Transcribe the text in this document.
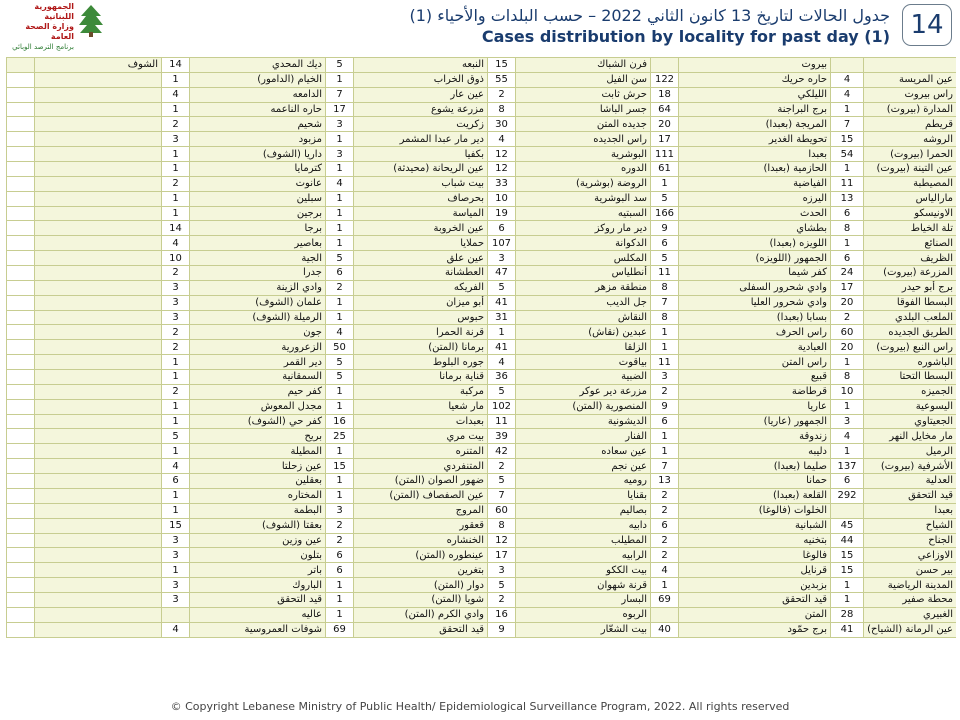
الجمهورية اللبنانية
وزارة الصحة العامة
برنامج الترصد الوبائي
جدول الحالات لتاريخ 13 كانون الثاني 2022 – حسب البلدات والأحياء (1)
Cases distribution by locality for past day (1) 14
	الشوف	14	ديك المحدي	5	النبعه	15	فرن الشباك		بيروت		
		1	الخيام (الدامور)	1	ذوق الخراب	55	سن الفيل	122	حاره حريك	4	عين المريسة
		4	الدامعه	7	عين عار	2	حرش ثابت	18	الليلكي	4	راس بيروت
		1	حاره الناعمه	17	مزرعة يشوع	8	جسر الباشا	64	برج البراجنة	1	المدارة (بيروت)
		2	شحيم	3	زكريت	30	جديده المتن	20	المريجة (بعبدا)	7	قريطم
		3	مزبود	1	دير مار عبدا المشمر	4	راس الجديده	17	تحويطة الغدير	15	الروشه
		1	داريا (الشوف)	3	بكفيا	12	البوشرية	111	بعبدا	54	الحمرا (بيروت)
		1	كترمايا	1	عين الريحانة (محيدثة)	12	الدوره	61	الحازمية (بعبدا)	1	عين التينة (بيروت)
		2	عانوت	4	بيت شباب	33	الروضة (بوشرية)	1	الفياضية	11	المصيطبة
		1	سبلين	1	بحرصاف	10	سد البوشرية	5	اليرزه	13	مارالياس
		1	برجين	1	المياسة	19	السبتيه	166	الحدث	6	الاونيسكو
		14	برجا	1	عين الخروبة	6	دير مار روكز	9	بطشاي	8	تلة الخياط
		4	بعاصير	1	حملايا	107	الدكوانة	6	اللويزه (بعبدا)	1	الصنائع
		10	الجية	5	عين علق	3	المكلس	5	الجمهور (اللويزه)	6	الظريف
		2	جدرا	6	العطشانة	47	أنطلياس	11	كفر شيما	24	المزرعة (بيروت)
		3	وادي الزينة	2	الفريكه	5	منطقة مزهر	8	وادي شحرور السفلى	17	برج أبو حيدر
		3	علمان (الشوف)	1	أبو ميزان	41	جل الديب	7	وادي شحرور العليا	20	البسطا الفوقا
		3	الرميلة (الشوف)	1	حبوس	31	النقاش	8	بسابا (بعبدا)	2	الملعب البلدي
		2	جون	4	قرنة الحمرا	1	عبدين (نقاش)	1	راس الحرف	60	الطريق الجديده
		2	الزعرورية	50	برمانا (المتن)	41	الزلقا	1	العبادية	20	راس النبع (بيروت)
		1	دير القمر	5	جوره البلوط	4	بياقوت	11	راس المتن	1	الباشوره
		1	السمقانية	5	قناية برمانا	36	الضبية	3	قبيع	8	البسطا التحتا
		2	كفر حيم	1	مركبة	5	مزرعة دير عوكر	2	قرطاضة	10	الجميزه
		1	مجدل المعوش	1	مار شعيا	102	المنصورية (المتن)	9	عاريا	1	اليسوعية
		1	كفر حي (الشوف)	16	بعبدات	11	الديشونية	6	الجمهور (عاريا)	3	الجعيتاوي
		5	بريح	25	بيت مري	39	الفنار	1	زندوقة	4	مار مخايل النهر
		1	المطيلة	1	المتنره	42	عين سعاده	1	دليبه	1	الرميل
		4	عين زحلتا	15	المتنفردي	2	عين نجم	7	صليما (بعبدا)	137	الأشرفية (بيروت)
		6	بعقلين	1	ضهور الصوان (المتن)	5	روميه	13	حمانا	6	العدلية
		1	المختاره	1	عين الصفصاف (المتن)	7	بقنايا	2	القلعة (بعبدا)	292	قيد التحقق
		1	البطمة	3	المروج	60	بصاليم	2	الخلوات (فالوغا)		بعبدا
		15	بعقتا (الشوف)	2	قعقور	8	دابيه	6	الشبانية	45	الشياح
		3	عين وزين	2	الخنشاره	12	المطيلب	2	بتخنيه	44	الجناح
		3	بتلون	6	عينطوره (المتن)	17	الرابيه	2	فالوغا	15	الاوزاعي
		1	باتر	6	بتغرين	3	بيت الككو	4	قرنايل	15	بير حسن
		3	الباروك	1	دوار (المتن)	5	قرنة شهوان	1	بزبدين	1	المدينة الرياضية
		3	قيد التحقق	1	شويا (المتن)	2	البسار	69	قيد التحقق	1	محطة صفير
			عاليه	1	وادي الكرم (المتن)	16	الربوه		المتن	28	الغبيري
		4	شوفات العمروسية	69	قيد التحقق	9	بيت الشعّار	40	برج حمّود	41	عين الرمانة (الشياح)
© Copyright Lebanese Ministry of Public Health/ Epidemiological Surveillance Program, 2022. All rights reserved
